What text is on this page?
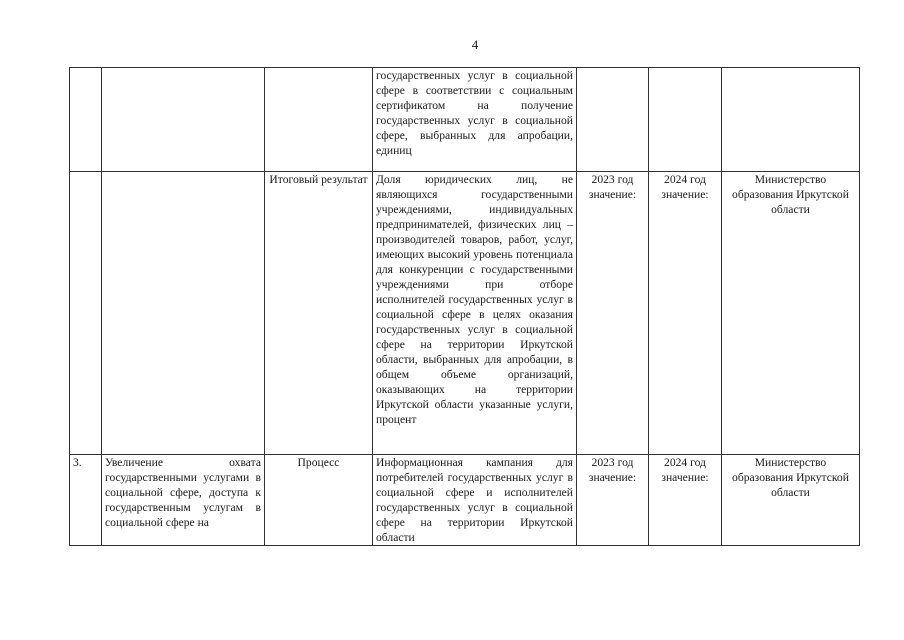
4
			государственных услуг в социальной сфере в соответствии с социальным сертификатом на получение государственных услуг в социальной сфере, выбранных для апробации, единиц			
		Итоговый результат	Доля юридических лиц, не являющихся государственными учреждениями, индивидуальных предпринимателей, физических лиц – производителей товаров, работ, услуг, имеющих высокий уровень потенциала для конкуренции с государственными учреждениями при отборе исполнителей государственных услуг в социальной сфере в целях оказания государственных услуг в социальной сфере на территории Иркутской области, выбранных для апробации, в общем объеме организаций, оказывающих на территории Иркутской области указанные услуги, процент	2023 год значение:	2024 год значение:	Министерство образования Иркутской области
3.	Увеличение охвата государственными услугами в социальной сфере, доступа к государственным услугам в социальной сфере на	Процесс	Информационная кампания для потребителей государственных услуг в социальной сфере и исполнителей государственных услуг в социальной сфере на территории Иркутской области	2023 год значение:	2024 год значение:	Министерство образования Иркутской области
